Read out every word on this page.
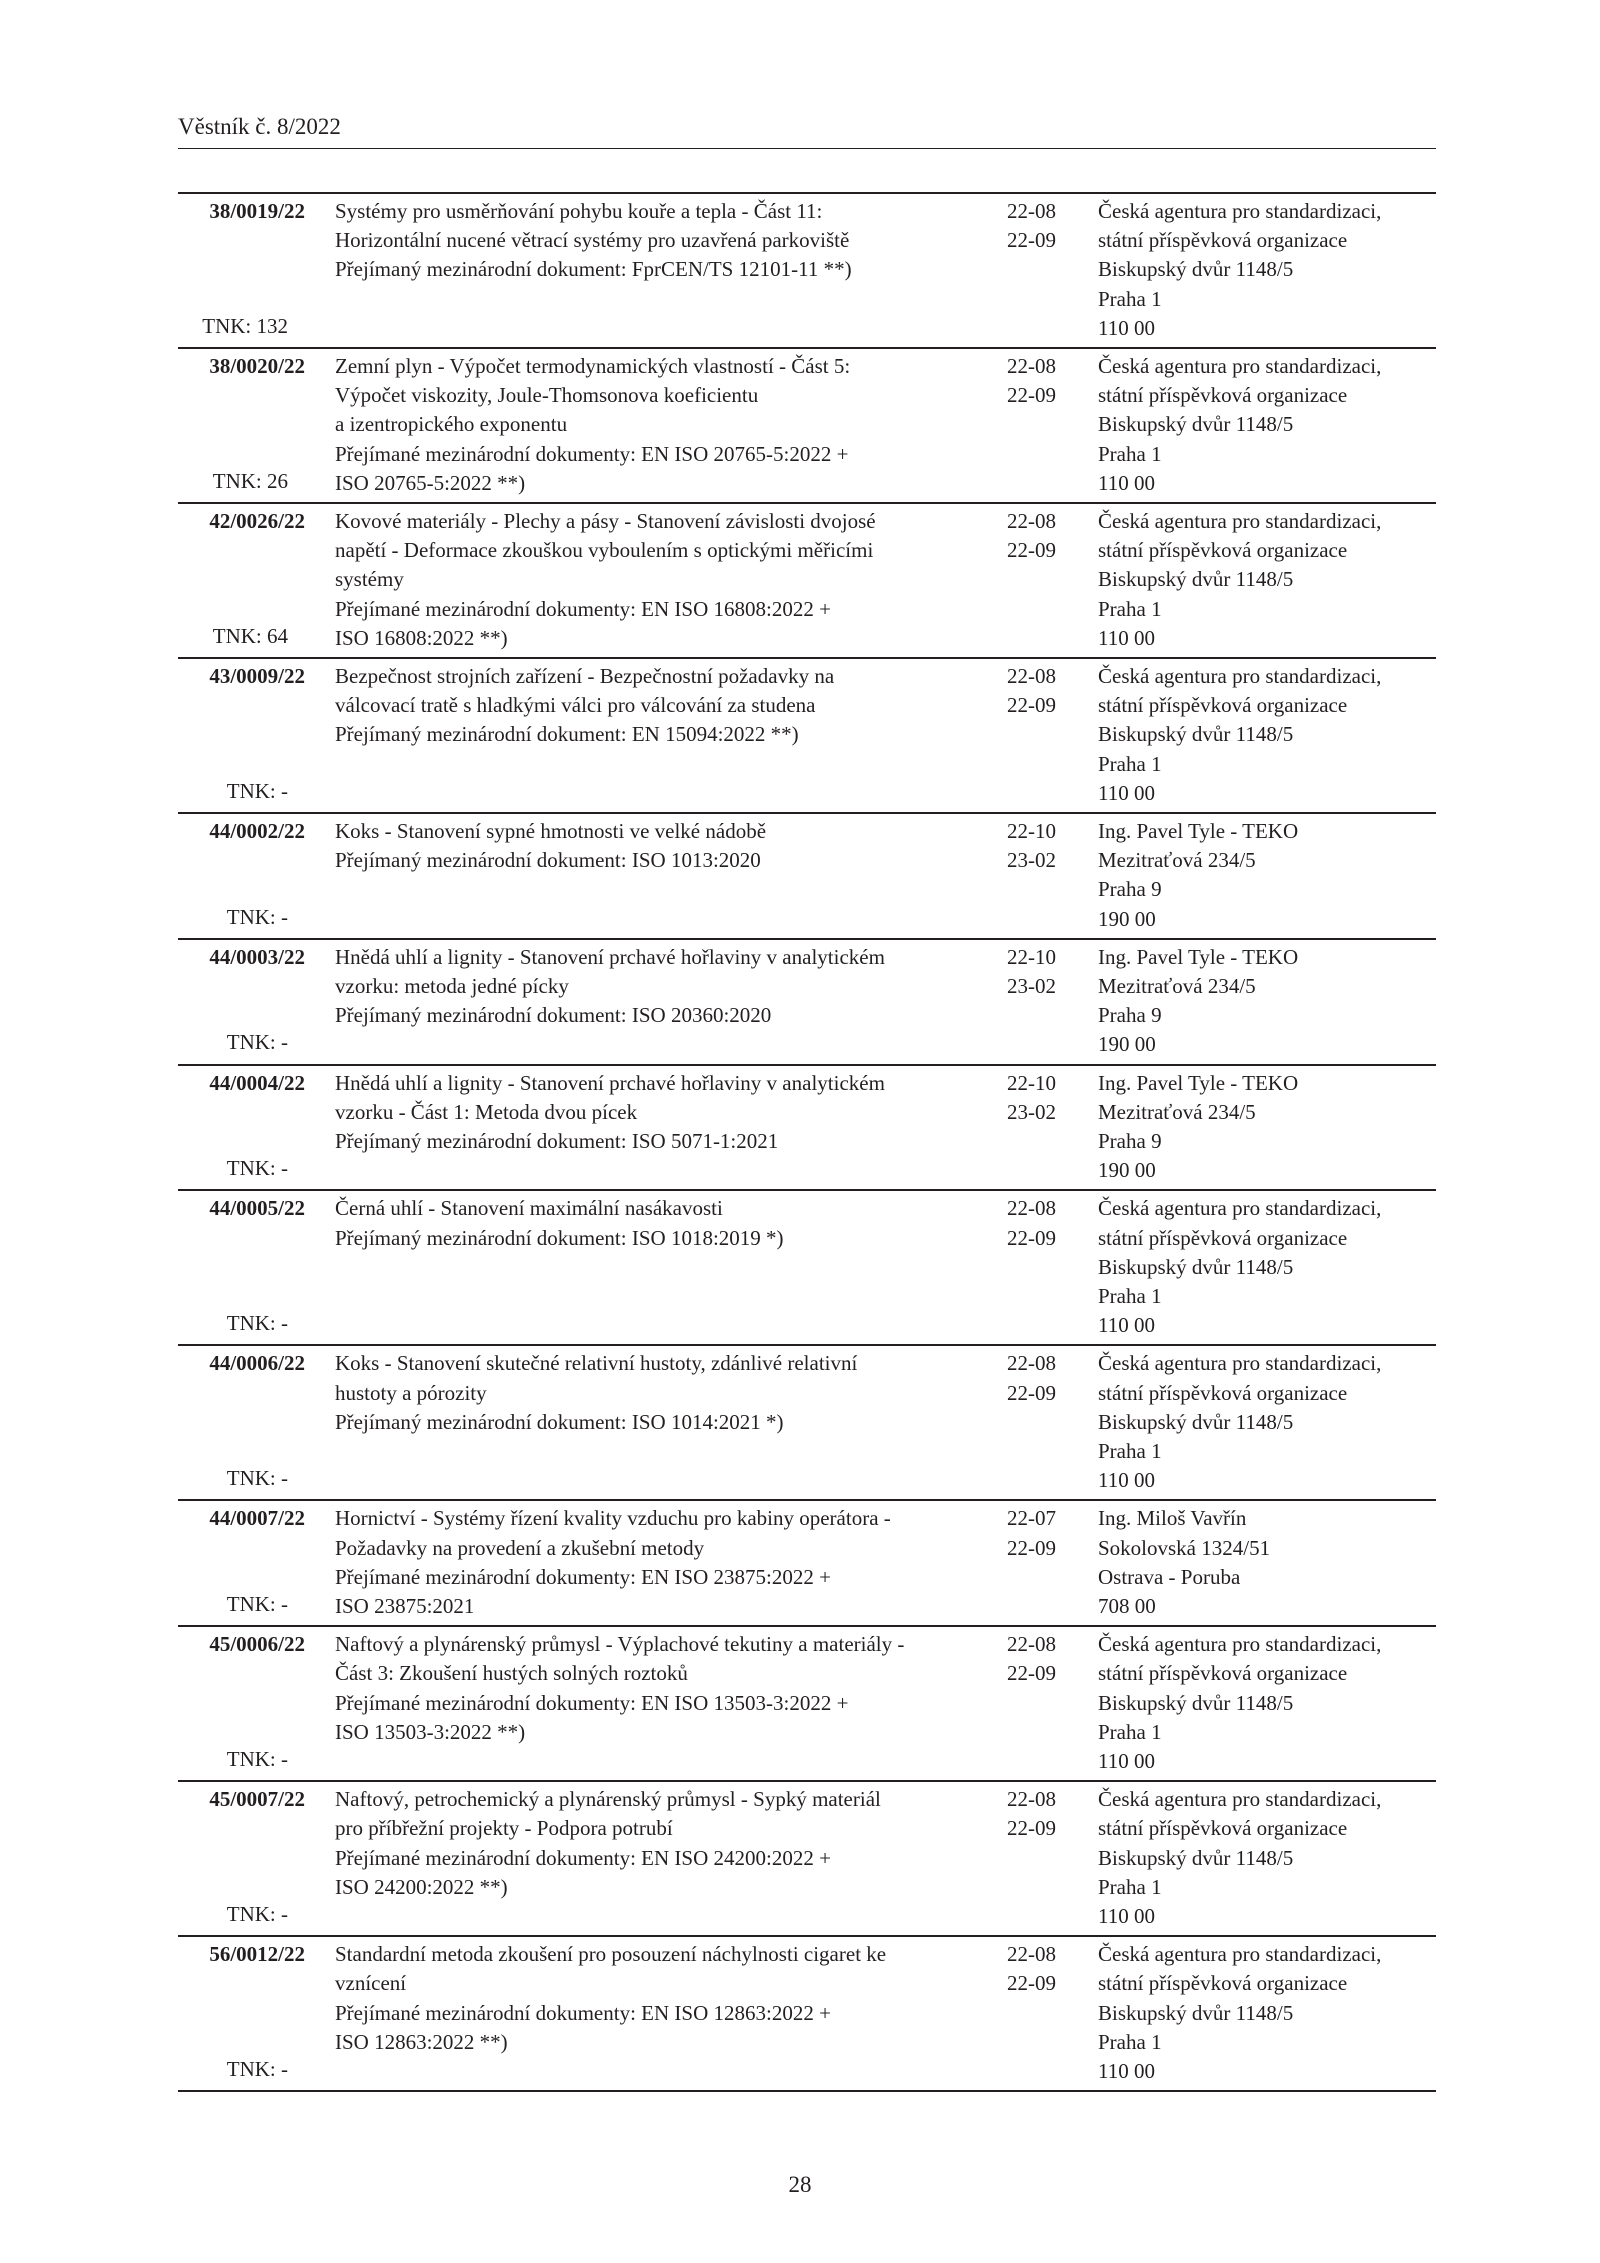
Věstník č. 8/2022
38/0019/22
TNK: 132
Systémy pro usměrňování pohybu kouře a tepla - Část 11:
Horizontální nucené větrací systémy pro uzavřená parkoviště
Přejímaný mezinárodní dokument: FprCEN/TS 12101-11 **)
22-08
22-09
Česká agentura pro standardizaci,
státní příspěvková organizace
Biskupský dvůr 1148/5
Praha 1
110 00
38/0020/22
TNK: 26
Zemní plyn - Výpočet termodynamických vlastností - Část 5:
Výpočet viskozity, Joule-Thomsonova koeficientu
a izentropického exponentu
Přejímané mezinárodní dokumenty: EN ISO 20765-5:2022 +
ISO 20765-5:2022 **)
22-08
22-09
Česká agentura pro standardizaci,
státní příspěvková organizace
Biskupský dvůr 1148/5
Praha 1
110 00
42/0026/22
TNK: 64
Kovové materiály - Plechy a pásy - Stanovení závislosti dvojosé
napětí - Deformace zkouškou vyboulením s optickými měřicími
systémy
Přejímané mezinárodní dokumenty: EN ISO 16808:2022 +
ISO 16808:2022 **)
22-08
22-09
Česká agentura pro standardizaci,
státní příspěvková organizace
Biskupský dvůr 1148/5
Praha 1
110 00
43/0009/22
TNK: -
Bezpečnost strojních zařízení - Bezpečnostní požadavky na
válcovací tratě s hladkými válci pro válcování za studena
Přejímaný mezinárodní dokument: EN 15094:2022 **)
22-08
22-09
Česká agentura pro standardizaci,
státní příspěvková organizace
Biskupský dvůr 1148/5
Praha 1
110 00
44/0002/22
TNK: -
Koks - Stanovení sypné hmotnosti ve velké nádobě
Přejímaný mezinárodní dokument: ISO 1013:2020
22-10
23-02
Ing. Pavel Tyle - TEKO
Mezitraťová 234/5
Praha 9
190 00
44/0003/22
TNK: -
Hnědá uhlí a lignity - Stanovení prchavé hořlaviny v analytickém
vzorku: metoda jedné pícky
Přejímaný mezinárodní dokument: ISO 20360:2020
22-10
23-02
Ing. Pavel Tyle - TEKO
Mezitraťová 234/5
Praha 9
190 00
44/0004/22
TNK: -
Hnědá uhlí a lignity - Stanovení prchavé hořlaviny v analytickém
vzorku - Část 1: Metoda dvou pícek
Přejímaný mezinárodní dokument: ISO 5071-1:2021
22-10
23-02
Ing. Pavel Tyle - TEKO
Mezitraťová 234/5
Praha 9
190 00
44/0005/22
TNK: -
Černá uhlí - Stanovení maximální nasákavosti
Přejímaný mezinárodní dokument: ISO 1018:2019 *)
22-08
22-09
Česká agentura pro standardizaci,
státní příspěvková organizace
Biskupský dvůr 1148/5
Praha 1
110 00
44/0006/22
TNK: -
Koks - Stanovení skutečné relativní hustoty, zdánlivé relativní
hustoty a pórozity
Přejímaný mezinárodní dokument: ISO 1014:2021 *)
22-08
22-09
Česká agentura pro standardizaci,
státní příspěvková organizace
Biskupský dvůr 1148/5
Praha 1
110 00
44/0007/22
TNK: -
Hornictví - Systémy řízení kvality vzduchu pro kabiny operátora -
Požadavky na provedení a zkušební metody
Přejímané mezinárodní dokumenty: EN ISO 23875:2022 +
ISO 23875:2021
22-07
22-09
Ing. Miloš Vavřín
Sokolovská 1324/51
Ostrava - Poruba
708 00
45/0006/22
TNK: -
Naftový a plynárenský průmysl - Výplachové tekutiny a materiály -
Část 3: Zkoušení hustých solných roztoků
Přejímané mezinárodní dokumenty: EN ISO 13503-3:2022 +
ISO 13503-3:2022 **)
22-08
22-09
Česká agentura pro standardizaci,
státní příspěvková organizace
Biskupský dvůr 1148/5
Praha 1
110 00
45/0007/22
TNK: -
Naftový, petrochemický a plynárenský průmysl - Sypký materiál
pro příbřežní projekty - Podpora potrubí
Přejímané mezinárodní dokumenty: EN ISO 24200:2022 +
ISO 24200:2022 **)
22-08
22-09
Česká agentura pro standardizaci,
státní příspěvková organizace
Biskupský dvůr 1148/5
Praha 1
110 00
56/0012/22
TNK: -
Standardní metoda zkoušení pro posouzení náchylnosti cigaret ke
vznícení
Přejímané mezinárodní dokumenty: EN ISO 12863:2022 +
ISO 12863:2022 **)
22-08
22-09
Česká agentura pro standardizaci,
státní příspěvková organizace
Biskupský dvůr 1148/5
Praha 1
110 00
28
